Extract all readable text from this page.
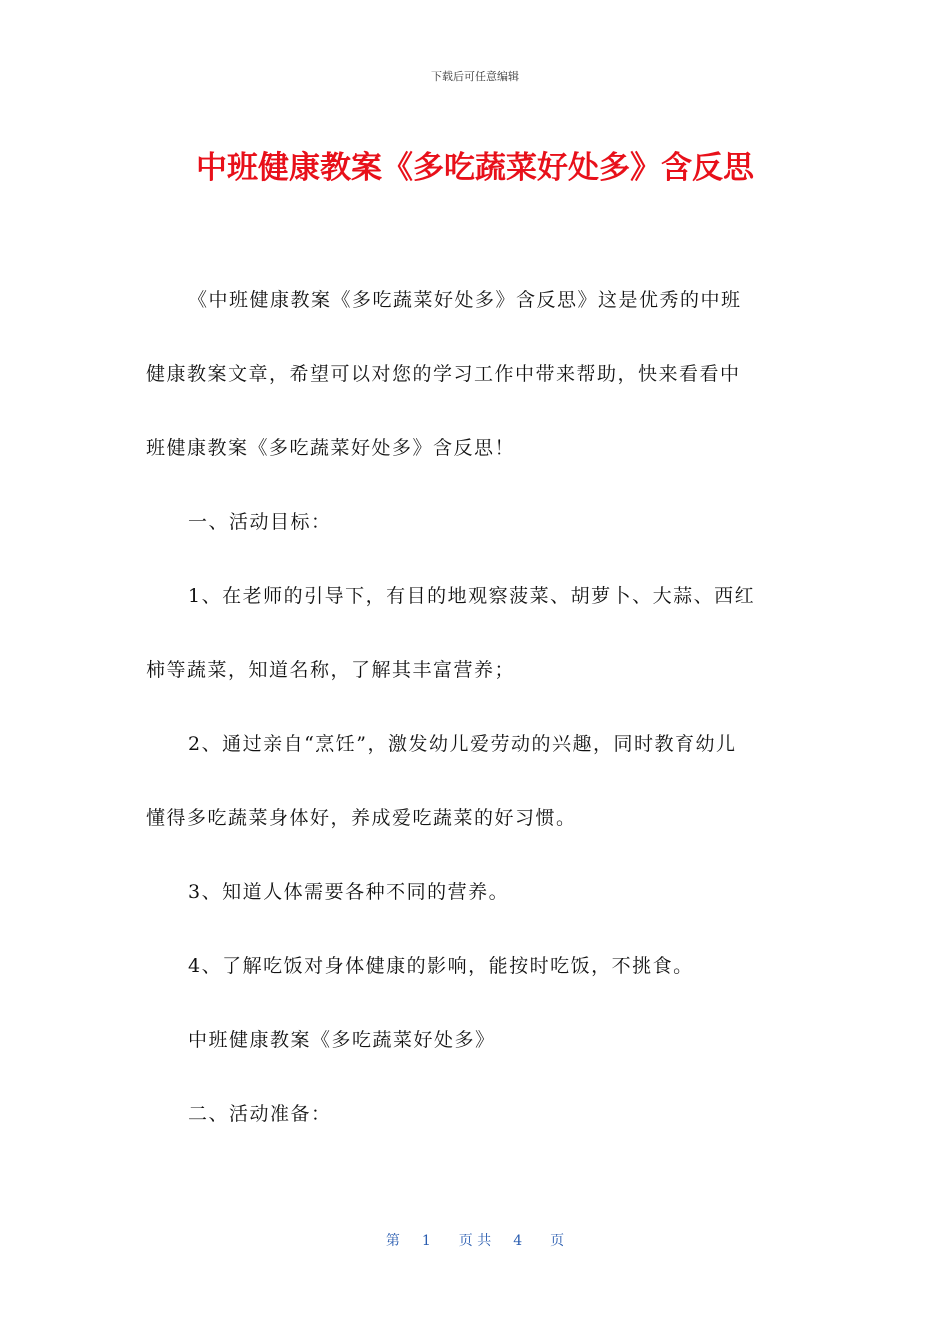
下载后可任意编辑
中班健康教案《多吃蔬菜好处多》含反思
《中班健康教案《多吃蔬菜好处多》含反思》这是优秀的中班
健康教案文章，希望可以对您的学习工作中带来帮助，快来看看中
班健康教案《多吃蔬菜好处多》含反思！
一、活动目标：
1、在老师的引导下，有目的地观察菠菜、胡萝卜、大蒜、西红
柿等蔬菜，知道名称，了解其丰富营养；
2、通过亲自“烹饪”，激发幼儿爱劳动的兴趣，同时教育幼儿
懂得多吃蔬菜身体好，养成爱吃蔬菜的好习惯。
3、知道人体需要各种不同的营养。
4、了解吃饭对身体健康的影响，能按时吃饭，不挑食。
中班健康教案《多吃蔬菜好处多》
二、活动准备：
第 1 页 共 4 页
